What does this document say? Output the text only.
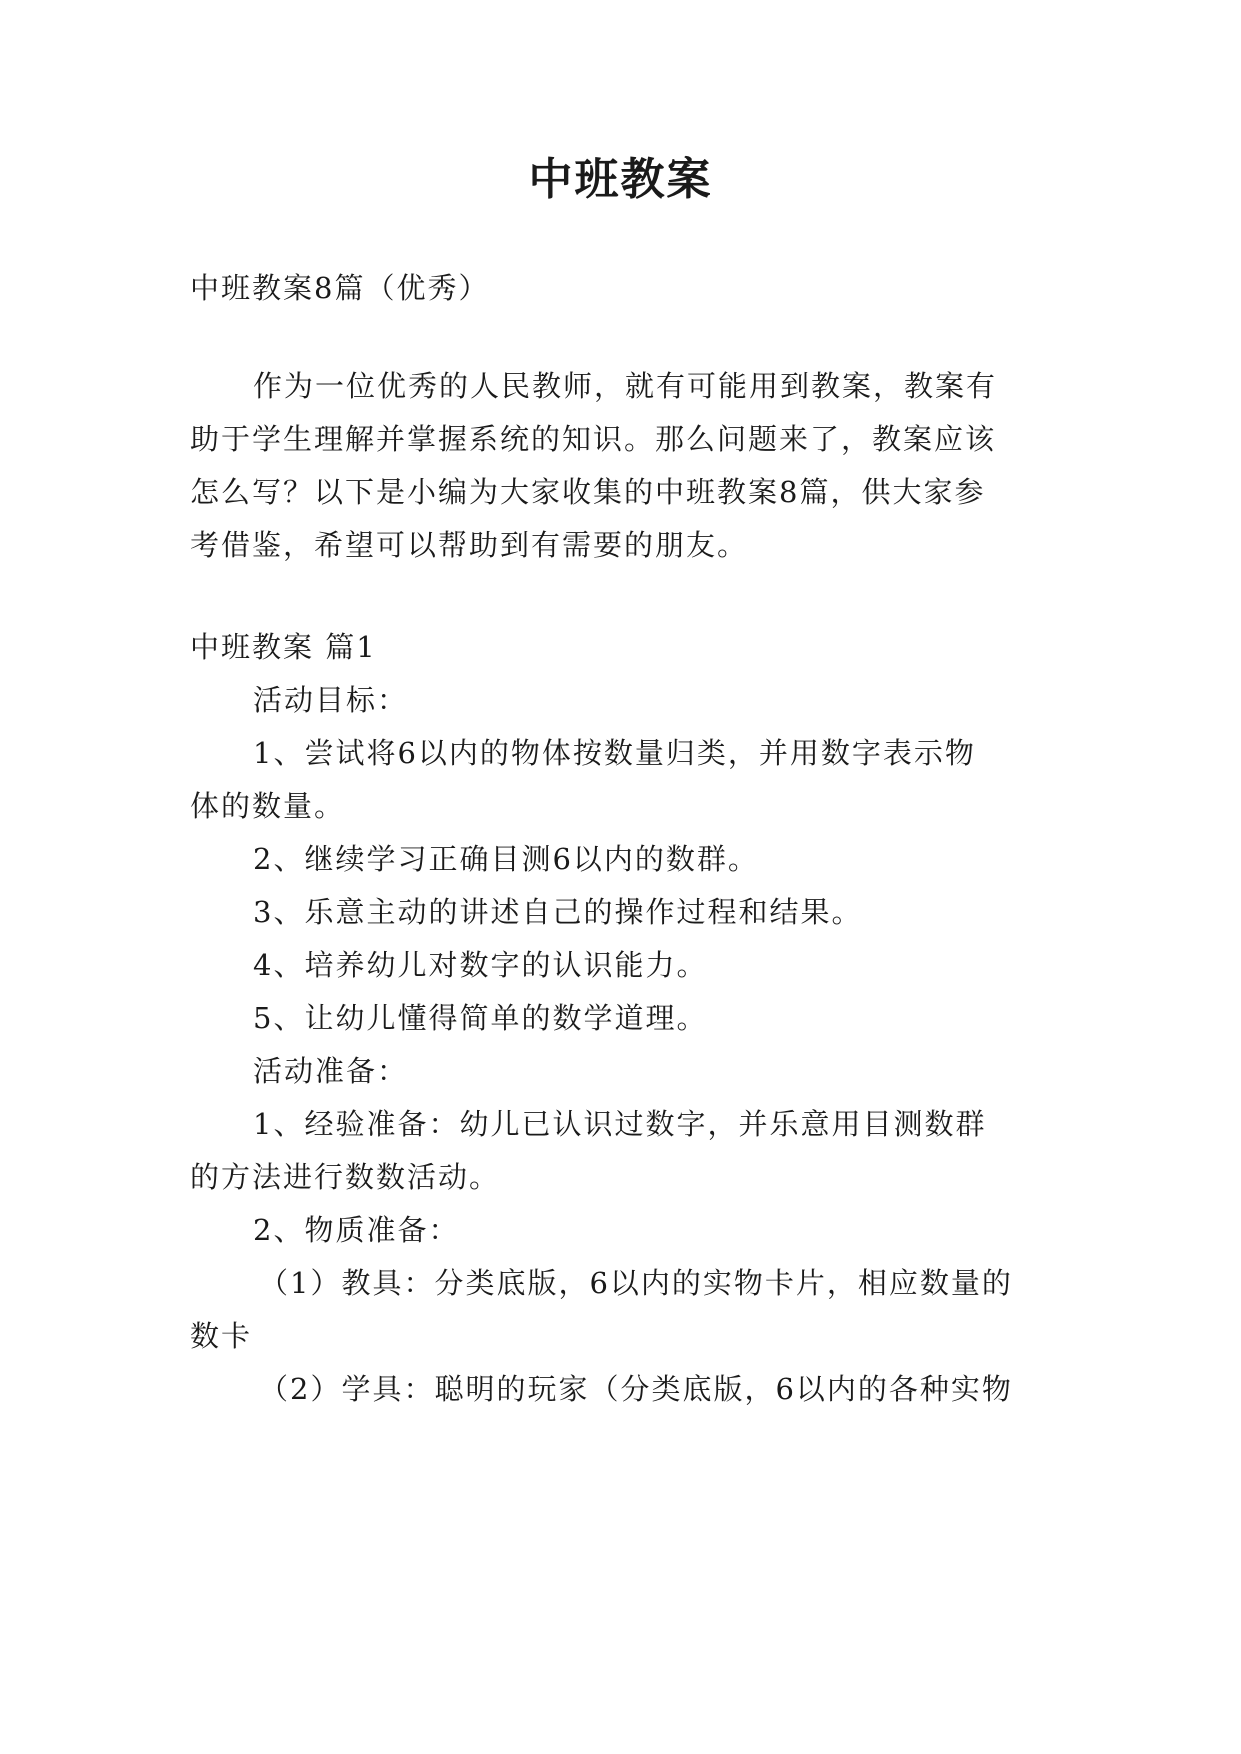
中班教案
中班教案8篇（优秀）
作为一位优秀的人民教师，就有可能用到教案，教案有
助于学生理解并掌握系统的知识。那么问题来了，教案应该
怎么写？以下是小编为大家收集的中班教案8篇，供大家参
考借鉴，希望可以帮助到有需要的朋友。
中班教案 篇1
活动目标：
1、尝试将6以内的物体按数量归类，并用数字表示物
体的数量。
2、继续学习正确目测6以内的数群。
3、乐意主动的讲述自己的操作过程和结果。
4、培养幼儿对数字的认识能力。
5、让幼儿懂得简单的数学道理。
活动准备：
1、经验准备：幼儿已认识过数字，并乐意用目测数群
的方法进行数数活动。
2、物质准备：
（1）教具：分类底版，6以内的实物卡片，相应数量的
数卡
（2）学具：聪明的玩家（分类底版，6以内的各种实物
